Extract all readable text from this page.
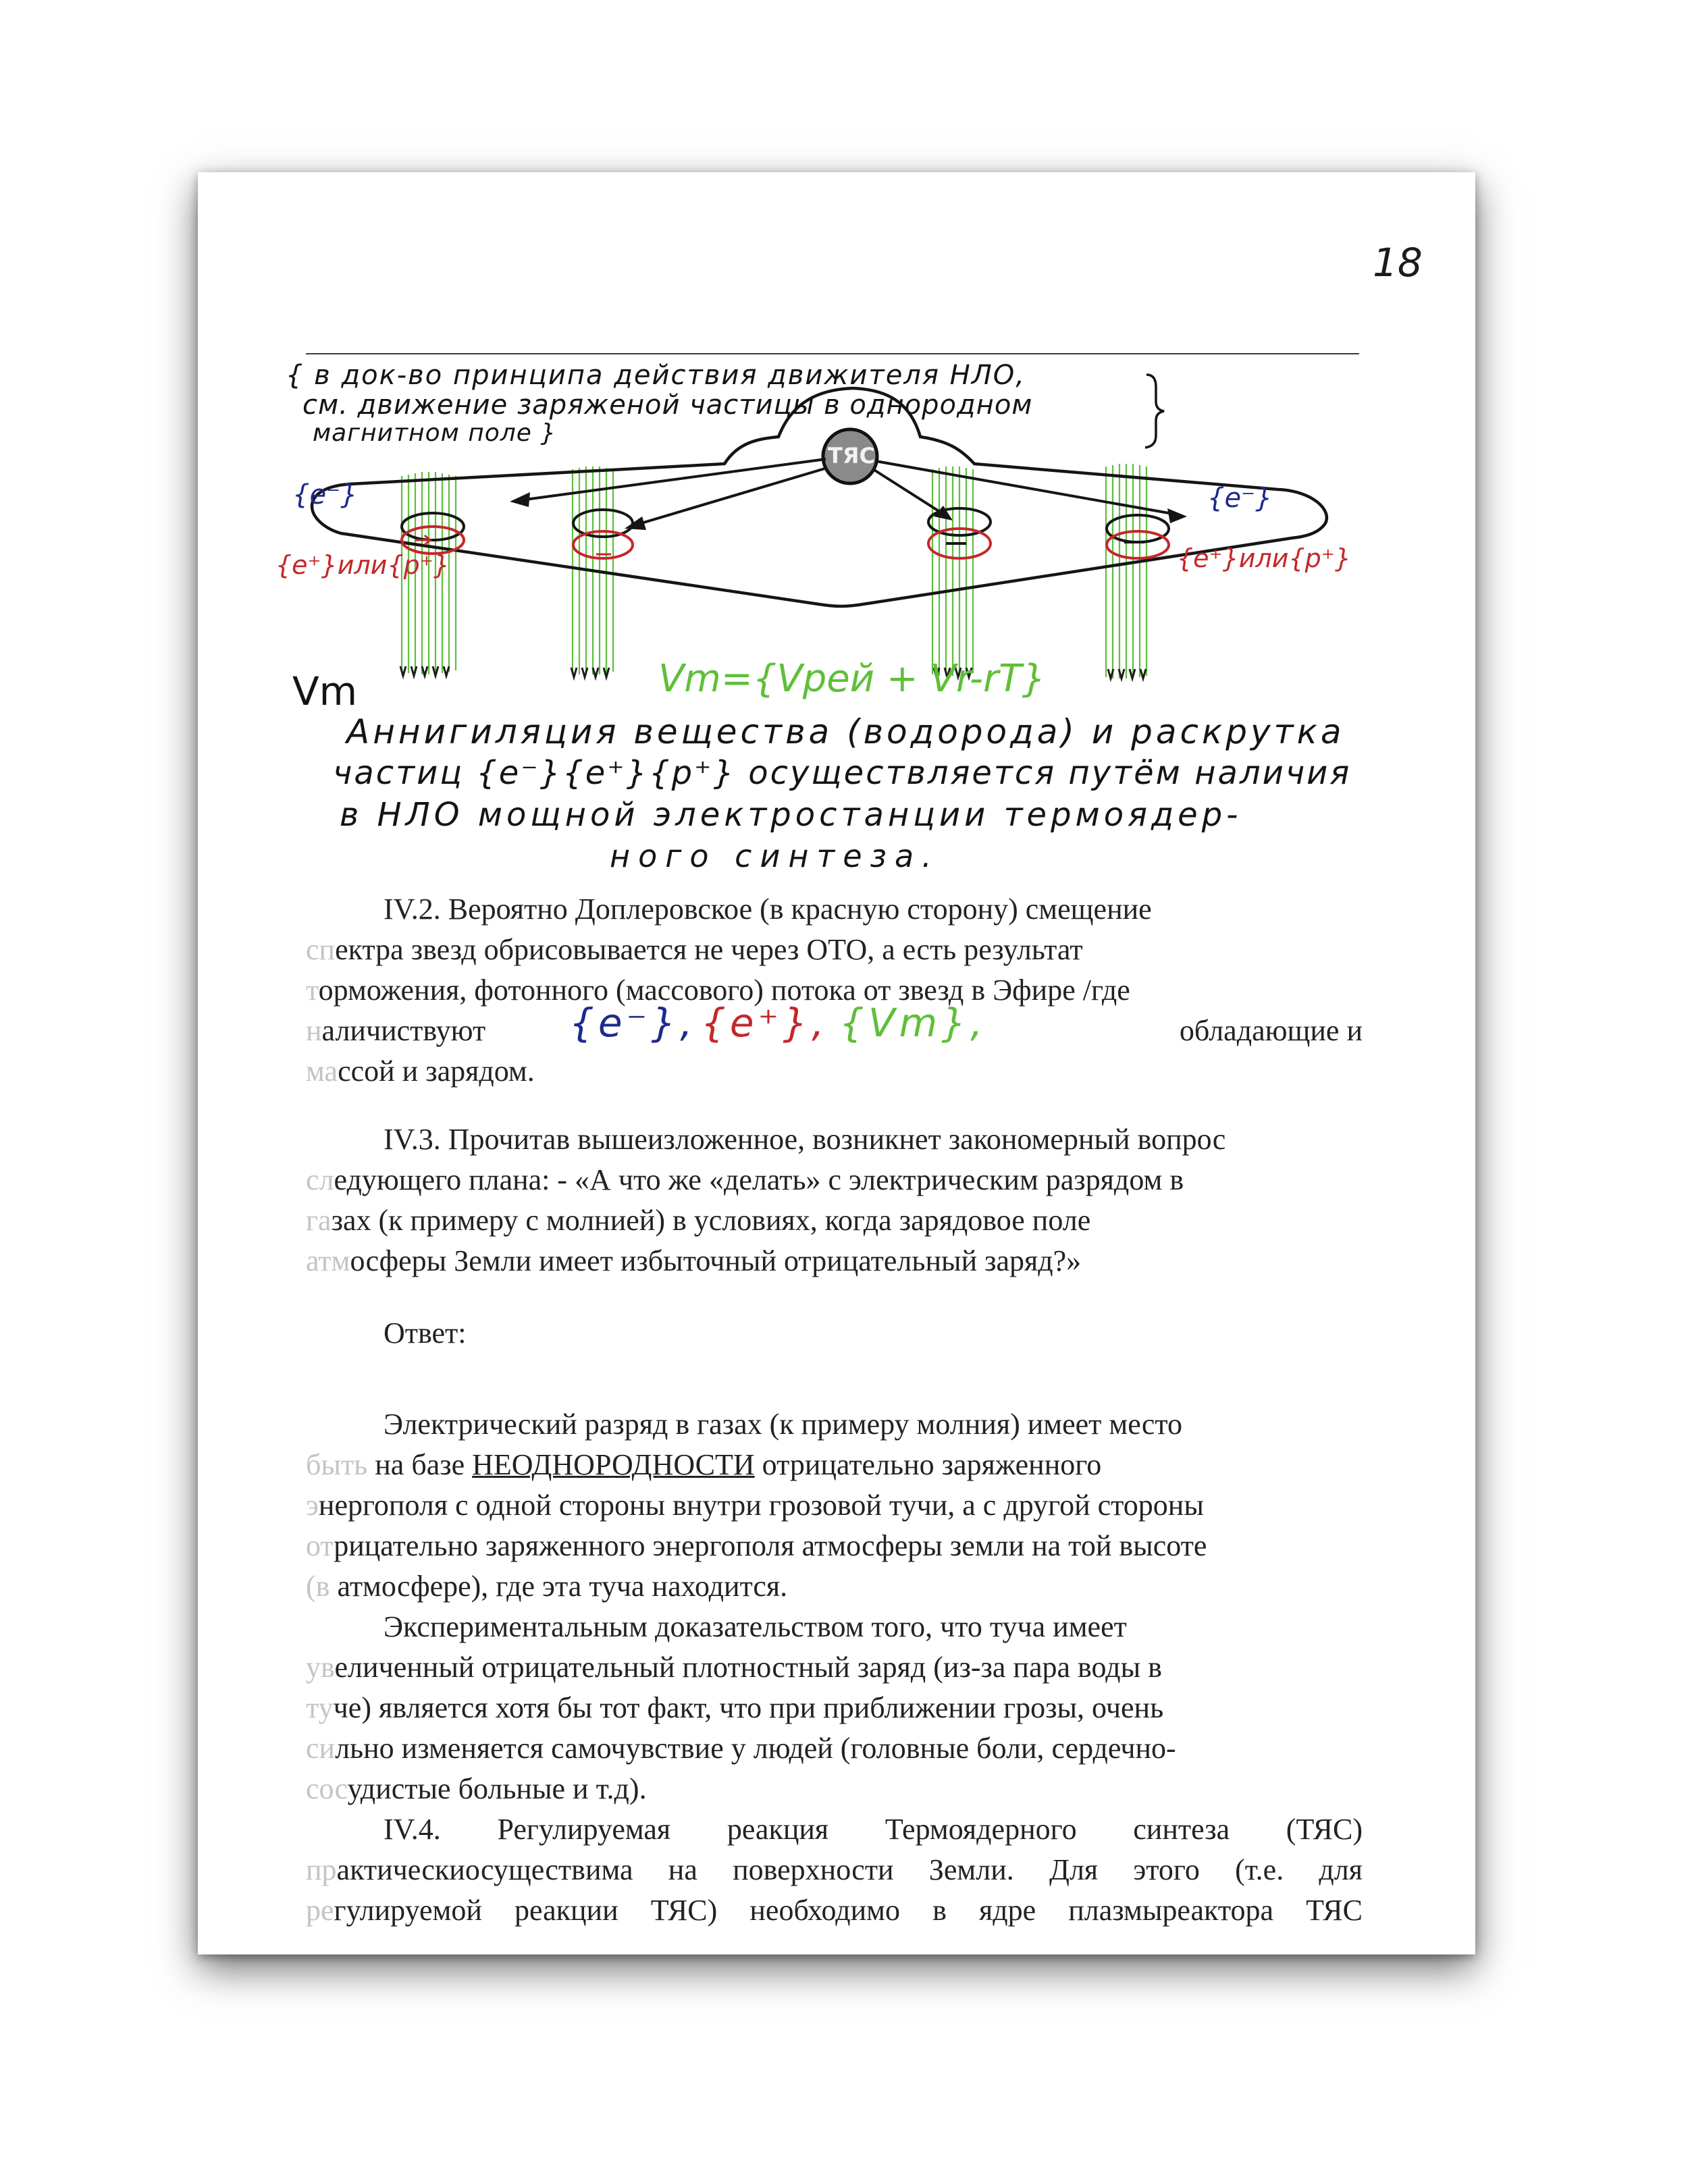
18
{ в док-во принципа действия движителя НЛО,
см. движение заряженой частицы в однородном
магнитном поле }
ТЯС
{e⁻}	{e⁻}
{e⁺}или{p⁺}	{e⁺}или{p⁺}
Vm	Vm={Vрей + Vr-rТ}
Аннигиляция вещества (водорода) и раскрутка
частиц {e⁻}{e⁺}{p⁺} осуществляется путём наличия
в НЛО мощной электростанции термоядер-
ного синтеза.
IV.2. Вероятно Доплеровское (в красную сторону) смещение
спектра звезд обрисовывается не через ОТО, а есть результат
торможения, фотонного (массового) потока от звезд в Эфире /где
наличиствуют {e⁻}, {e⁺}, {Vm},	обладающие и
массой и зарядом.
IV.3. Прочитав вышеизложенное, возникнет закономерный вопрос
следующего плана: - «А что же «делать» с электрическим разрядом в
газах (к примеру с молнией) в условиях, когда зарядовое поле
атмосферы Земли имеет избыточный отрицательный заряд?»
Ответ:
Электрический разряд в газах (к примеру молния) имеет место
быть на базе НЕОДНОРОДНОСТИ отрицательно заряженного
энергополя с одной стороны внутри грозовой тучи, а с другой стороны
отрицательно заряженного энергополя атмосферы земли на той высоте
(в атмосфере), где эта туча находится.
Экспериментальным доказательством того, что туча имеет
увеличенный отрицательный плотностный заряд (из-за пара воды в
туче) является хотя бы тот факт, что при приближении грозы, очень
сильно изменяется самочувствие у людей (головные боли, сердечно-
сосудистые больные и т.д).
IV.4. Регулируемая реакция Термоядерного синтеза (ТЯС)
практическиосуществима на поверхности Земли. Для этого (т.е. для
регулируемой реакции ТЯС) необходимо в ядре плазмыреактора ТЯС
